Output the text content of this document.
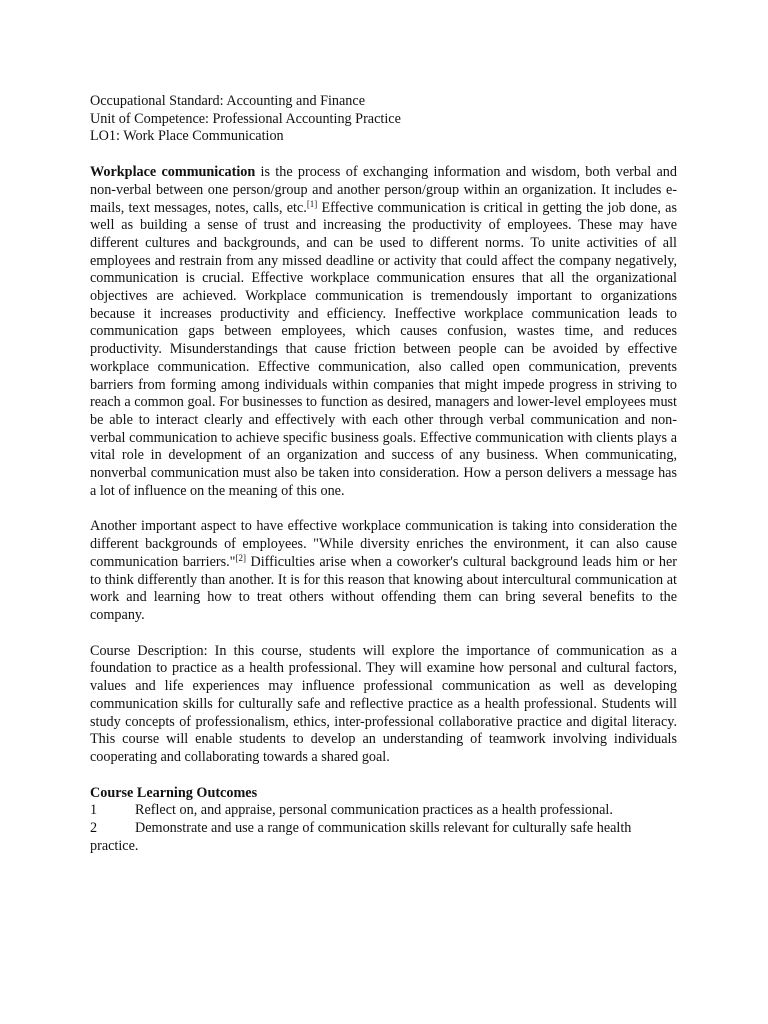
Occupational Standard: Accounting and Finance
Unit of Competence: Professional Accounting Practice
LO1: Work Place Communication

Workplace communication is the process of exchanging information and wisdom, both verbal and non-verbal between one person/group and another person/group within an organization. It includes e-mails, text messages, notes, calls, etc.[1] Effective communication is critical in getting the job done, as well as building a sense of trust and increasing the productivity of employees. These may have different cultures and backgrounds, and can be used to different norms. To unite activities of all employees and restrain from any missed deadline or activity that could affect the company negatively, communication is crucial. Effective workplace communication ensures that all the organizational objectives are achieved. Workplace communication is tremendously important to organizations because it increases productivity and efficiency. Ineffective workplace communication leads to communication gaps between employees, which causes confusion, wastes time, and reduces productivity. Misunderstandings that cause friction between people can be avoided by effective workplace communication. Effective communication, also called open communication, prevents barriers from forming among individuals within companies that might impede progress in striving to reach a common goal. For businesses to function as desired, managers and lower-level employees must be able to interact clearly and effectively with each other through verbal communication and non-verbal communication to achieve specific business goals. Effective communication with clients plays a vital role in development of an organization and success of any business. When communicating, nonverbal communication must also be taken into consideration. How a person delivers a message has a lot of influence on the meaning of this one.

Another important aspect to have effective workplace communication is taking into consideration the different backgrounds of employees. "While diversity enriches the environment, it can also cause communication barriers."[2] Difficulties arise when a coworker's cultural background leads him or her to think differently than another. It is for this reason that knowing about intercultural communication at work and learning how to treat others without offending them can bring several benefits to the company.

Course Description: In this course, students will explore the importance of communication as a foundation to practice as a health professional. They will examine how personal and cultural factors, values and life experiences may influence professional communication as well as developing communication skills for culturally safe and reflective practice as a health professional. Students will study concepts of professionalism, ethics, inter-professional collaborative practice and digital literacy. This course will enable students to develop an understanding of teamwork involving individuals cooperating and collaborating towards a shared goal.

Course Learning Outcomes
1	Reflect on, and appraise, personal communication practices as a health professional.
2	Demonstrate and use a range of communication skills relevant for culturally safe health practice.
